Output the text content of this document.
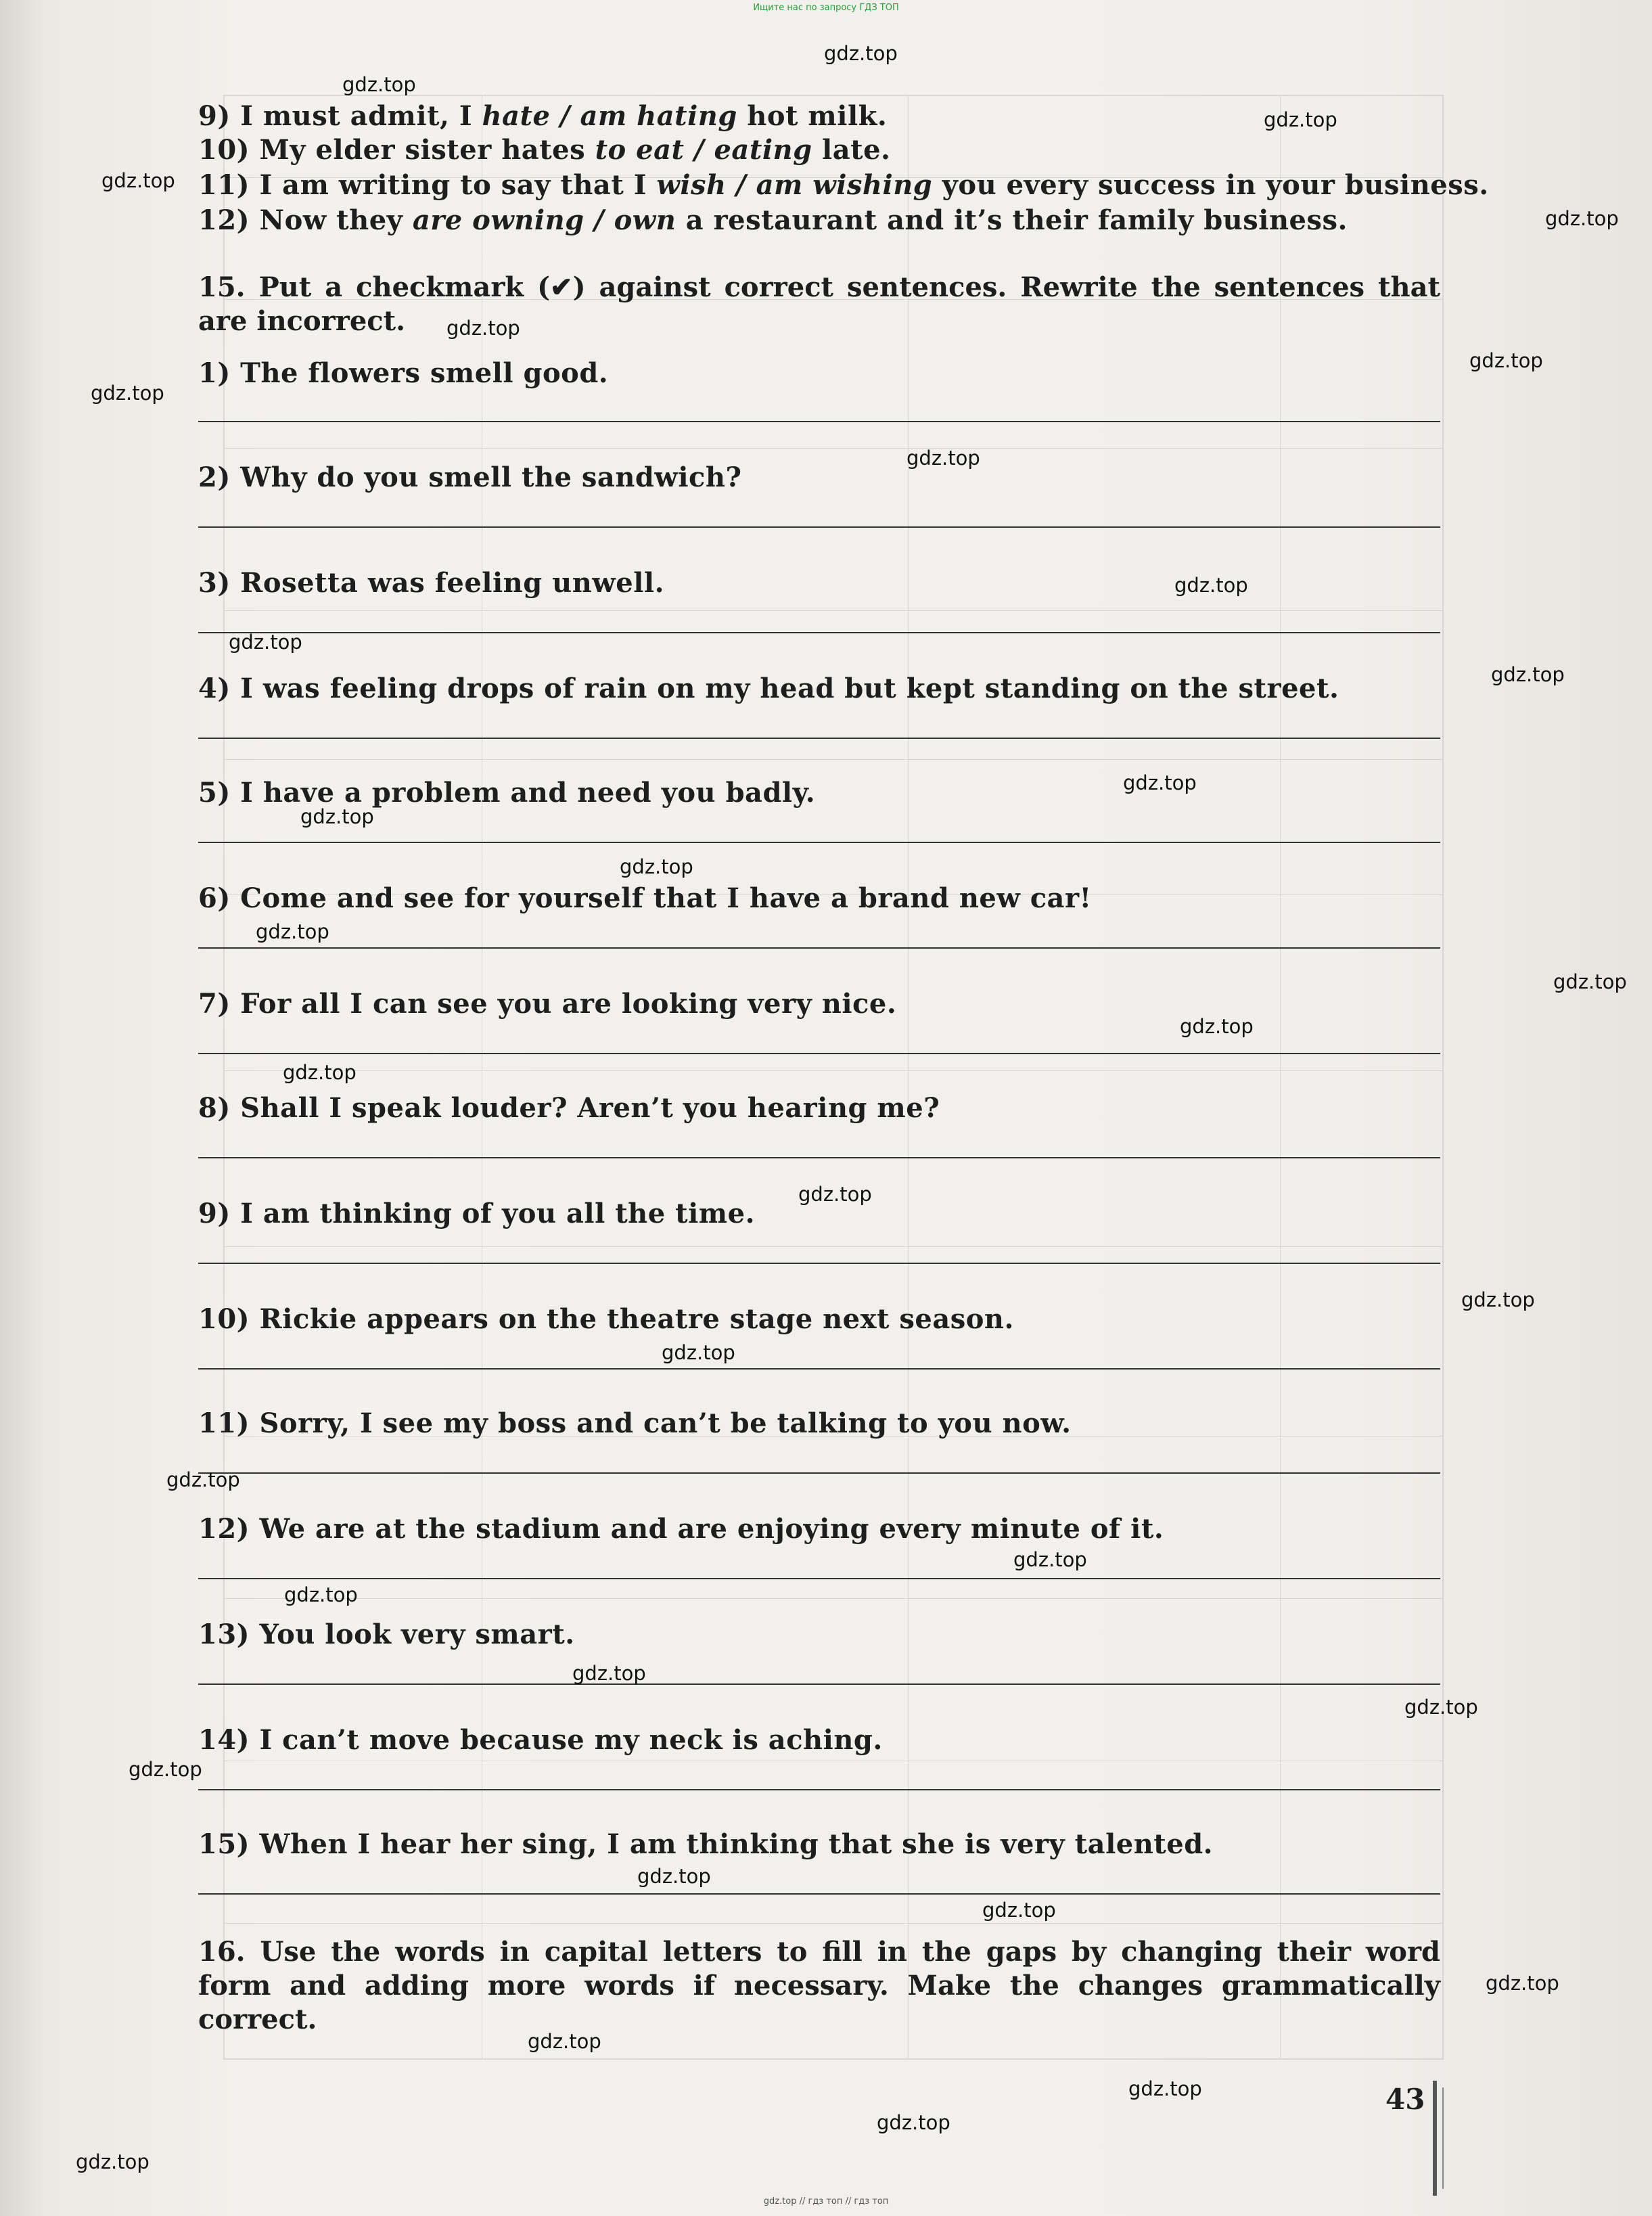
Ищите нас по запросу ГДЗ ТОП
9) I must admit, I hate / am hating hot milk.
10) My elder sister hates to eat / eating late.
11) I am writing to say that I wish / am wishing you every success in your business.
12) Now they are owning / own a restaurant and it’s their family business.
15. Put a checkmark (✔) against correct sentences. Rewrite the sentences that are incorrect.
1) The flowers smell good.
2) Why do you smell the sandwich?
3) Rosetta was feeling unwell.
4) I was feeling drops of rain on my head but kept standing on the street.
5) I have a problem and need you badly.
6) Come and see for yourself that I have a brand new car!
7) For all I can see you are looking very nice.
8) Shall I speak louder? Aren’t you hearing me?
9) I am thinking of you all the time.
10) Rickie appears on the theatre stage next season.
11) Sorry, I see my boss and can’t be talking to you now.
12) We are at the stadium and are enjoying every minute of it.
13) You look very smart.
14) I can’t move because my neck is aching.
15) When I hear her sing, I am thinking that she is very talented.
16. Use the words in capital letters to fill in the gaps by changing their word form and adding more words if necessary. Make the changes grammatically correct.
gdz.top
gdz.top
gdz.top
gdz.top
gdz.top
gdz.top
gdz.top
gdz.top
gdz.top
gdz.top
gdz.top
gdz.top
gdz.top
gdz.top
gdz.top
gdz.top
gdz.top
gdz.top
gdz.top
gdz.top
gdz.top
gdz.top
gdz.top
gdz.top
gdz.top
gdz.top
gdz.top
gdz.top
gdz.top
gdz.top
gdz.top
gdz.top
gdz.top
gdz.top
gdz.top
43
gdz.top // гдз топ // гдз топ
